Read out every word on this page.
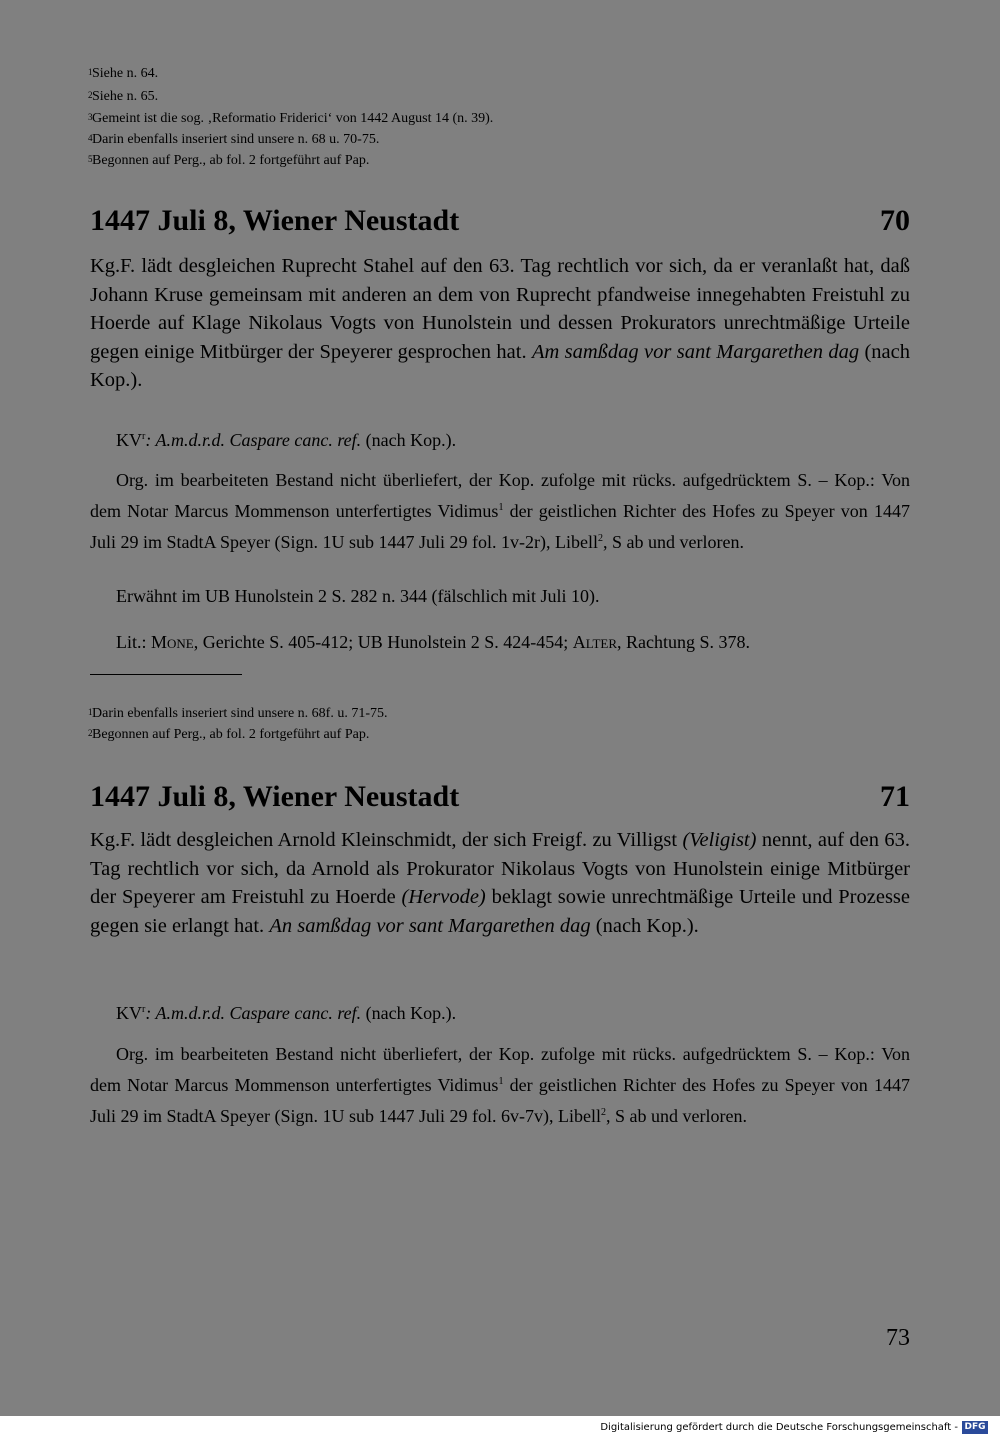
1 Siehe n. 64.
2 Siehe n. 65.
3 Gemeint ist die sog. ‚Reformatio Friderici‘ von 1442 August 14 (n. 39).
4 Darin ebenfalls inseriert sind unsere n. 68 u. 70-75.
5 Begonnen auf Perg., ab fol. 2 fortgeführt auf Pap.
1447 Juli 8, Wiener Neustadt	70
Kg.F. lädt desgleichen Ruprecht Stahel auf den 63. Tag rechtlich vor sich, da er veranlaßt hat, daß Johann Kruse gemeinsam mit anderen an dem von Ruprecht pfandweise innegehabten Freistuhl zu Hoerde auf Klage Nikolaus Vogts von Hunolstein und dessen Prokurators unrechtmäßige Urteile gegen einige Mitbürger der Speyerer gesprochen hat. Am samßdag vor sant Margarethen dag (nach Kop.).
$KV^r$: A.m.d.r.d. Caspare canc. ref. (nach Kop.).
Org. im bearbeiteten Bestand nicht überliefert, der Kop. zufolge mit rücks. aufgedrücktem S. – Kop.: Von dem Notar Marcus Mommenson unterfertigtes Vidimus$^1$ der geistlichen Richter des Hofes zu Speyer von 1447 Juli 29 im StadtA Speyer (Sign. 1U sub 1447 Juli 29 fol. 1v-2r), Libell$^2$, S ab und verloren.
Erwähnt im UB Hunolstein 2 S. 282 n. 344 (fälschlich mit Juli 10).
Lit.: Mone, Gerichte S. 405-412; UB Hunolstein 2 S. 424-454; Alter, Rachtung S. 378.
1 Darin ebenfalls inseriert sind unsere n. 68f. u. 71-75.
2 Begonnen auf Perg., ab fol. 2 fortgeführt auf Pap.
1447 Juli 8, Wiener Neustadt	71
Kg.F. lädt desgleichen Arnold Kleinschmidt, der sich Freigf. zu Villigst (Veligist) nennt, auf den 63. Tag rechtlich vor sich, da Arnold als Prokurator Nikolaus Vogts von Hunolstein einige Mitbürger der Speyerer am Freistuhl zu Hoerde (Hervode) beklagt sowie unrechtmäßige Urteile und Prozesse gegen sie erlangt hat. An samßdag vor sant Margarethen dag (nach Kop.).
$KV^r$: A.m.d.r.d. Caspare canc. ref. (nach Kop.).
Org. im bearbeiteten Bestand nicht überliefert, der Kop. zufolge mit rücks. aufgedrücktem S. – Kop.: Von dem Notar Marcus Mommenson unterfertigtes Vidimus$^1$ der geistlichen Richter des Hofes zu Speyer von 1447 Juli 29 im StadtA Speyer (Sign. 1U sub 1447 Juli 29 fol. 6v-7v), Libell$^2$, S ab und verloren.
73
Digitalisierung gefördert durch die Deutsche Forschungsgemeinschaft - DFG
